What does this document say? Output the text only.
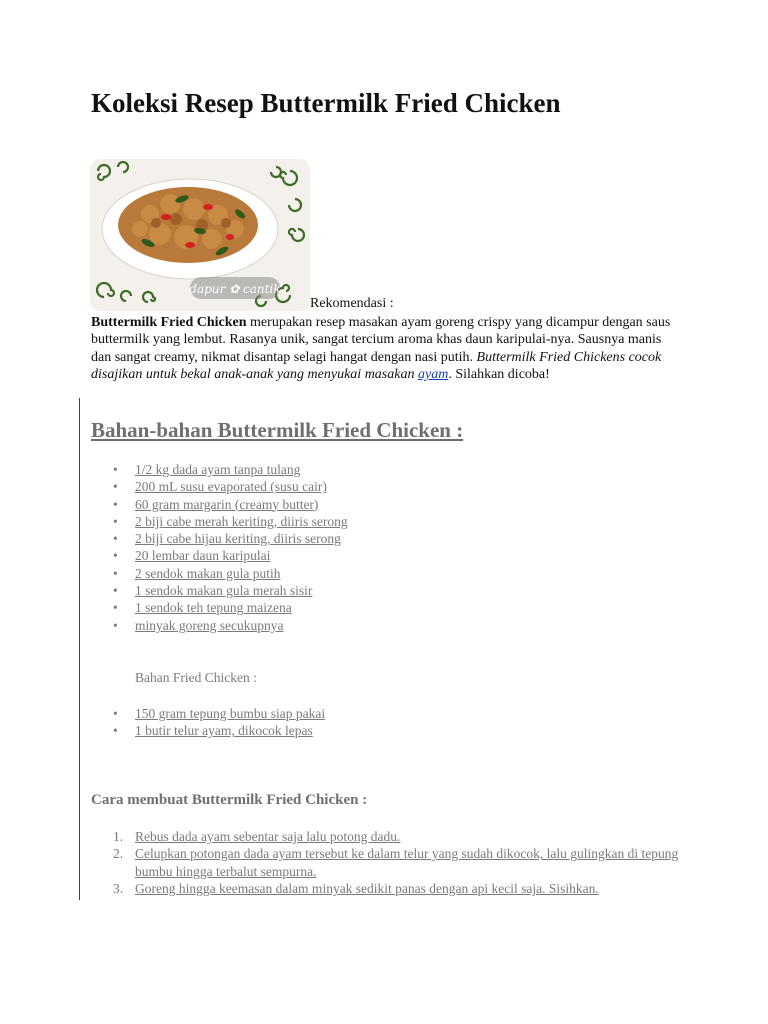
Koleksi Resep Buttermilk Fried Chicken
dapur ✿ cantik
Rekomendasi :

Buttermilk Fried Chicken merupakan resep masakan ayam goreng crispy yang dicampur dengan saus buttermilk yang lembut. Rasanya unik, sangat tercium aroma khas daun karipulai-nya. Sausnya manis dan sangat creamy, nikmat disantap selagi hangat dengan nasi putih. Buttermilk Fried Chickens cocok disajikan untuk bekal anak-anak yang menyukai masakan ayam. Silahkan dicoba!

Bahan-bahan Buttermilk Fried Chicken :
•	1/2 kg dada ayam tanpa tulang
•	200 mL susu evaporated (susu cair)
•	60 gram margarin (creamy butter)
•	2 biji cabe merah keriting, diiris serong
•	2 biji cabe hijau keriting, diiris serong
•	20 lembar daun karipulai
•	2 sendok makan gula putih
•	1 sendok makan gula merah sisir
•	1 sendok teh tepung maizena
•	minyak goreng secukupnya
Bahan Fried Chicken :
•	150 gram tepung bumbu siap pakai
•	1 butir telur ayam, dikocok lepas
Cara membuat Buttermilk Fried Chicken :
1. Rebus dada ayam sebentar saja lalu potong dadu.
2. Celupkan potongan dada ayam tersebut ke dalam telur yang sudah dikocok, lalu gulingkan di tepung bumbu hingga terbalut sempurna.
3. Goreng hingga keemasan dalam minyak sedikit panas dengan api kecil saja. Sisihkan.
